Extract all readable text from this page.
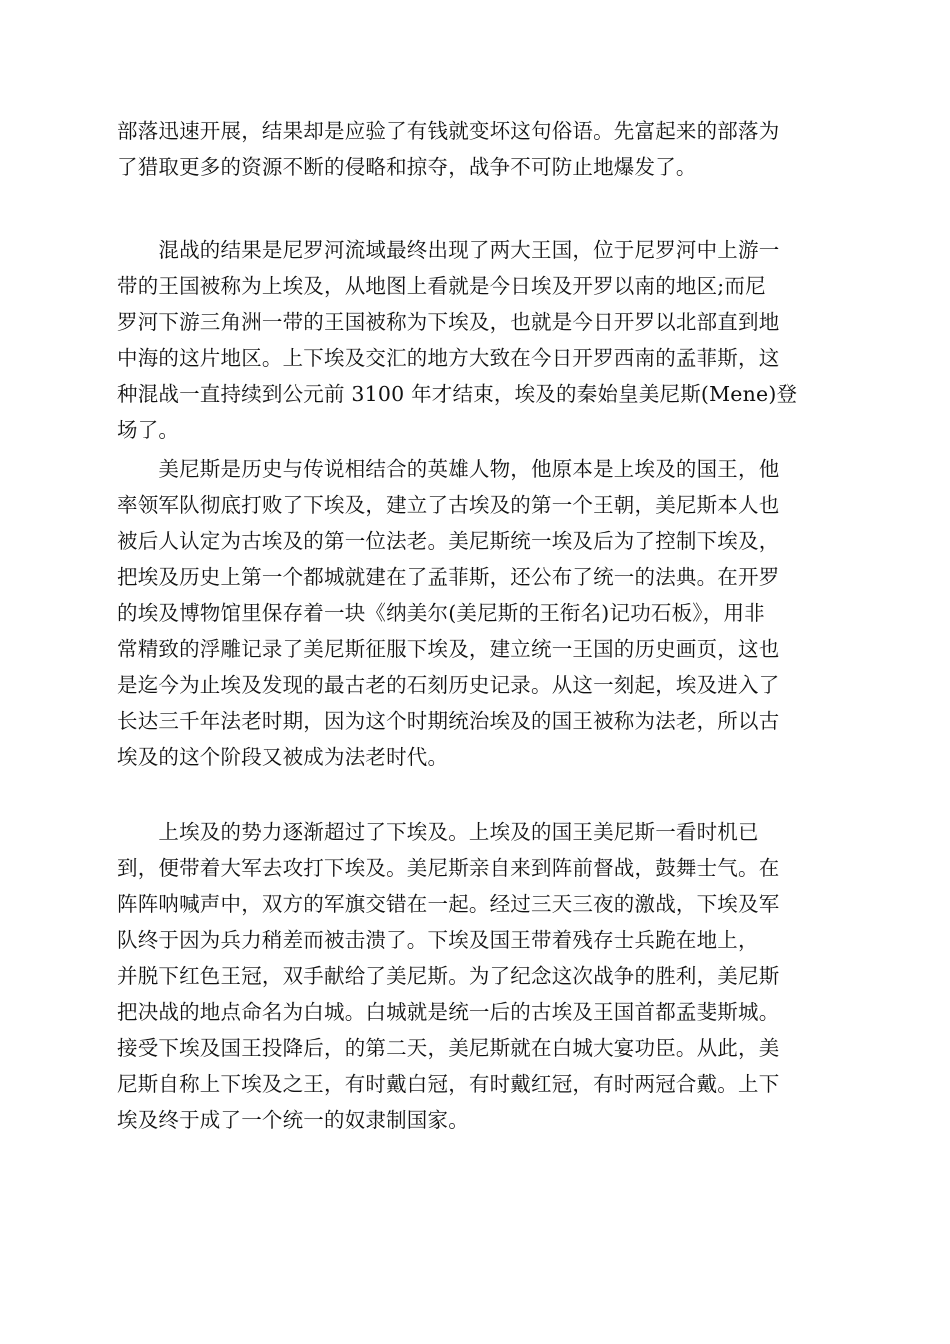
部落迅速开展，结果却是应验了有钱就变坏这句俗语。先富起来的部落为
了猎取更多的资源不断的侵略和掠夺，战争不可防止地爆发了。

　　混战的结果是尼罗河流域最终出现了两大王国，位于尼罗河中上游一
带的王国被称为上埃及，从地图上看就是今日埃及开罗以南的地区;而尼
罗河下游三角洲一带的王国被称为下埃及，也就是今日开罗以北部直到地
中海的这片地区。上下埃及交汇的地方大致在今日开罗西南的孟菲斯，这
种混战一直持续到公元前 3100 年才结束，埃及的秦始皇美尼斯(Mene)登
场了。

　　美尼斯是历史与传说相结合的英雄人物，他原本是上埃及的国王，他
率领军队彻底打败了下埃及，建立了古埃及的第一个王朝，美尼斯本人也
被后人认定为古埃及的第一位法老。美尼斯统一埃及后为了控制下埃及，
把埃及历史上第一个都城就建在了孟菲斯，还公布了统一的法典。在开罗
的埃及博物馆里保存着一块《纳美尔(美尼斯的王衔名)记功石板》，用非
常精致的浮雕记录了美尼斯征服下埃及，建立统一王国的历史画页，这也
是迄今为止埃及发现的最古老的石刻历史记录。从这一刻起，埃及进入了
长达三千年法老时期，因为这个时期统治埃及的国王被称为法老，所以古
埃及的这个阶段又被成为法老时代。

　　上埃及的势力逐渐超过了下埃及。上埃及的国王美尼斯一看时机已
到，便带着大军去攻打下埃及。美尼斯亲自来到阵前督战，鼓舞士气。在
阵阵呐喊声中，双方的军旗交错在一起。经过三天三夜的激战，下埃及军
队终于因为兵力稍差而被击溃了。下埃及国王带着残存士兵跪在地上，
并脱下红色王冠，双手献给了美尼斯。为了纪念这次战争的胜利，美尼斯
把决战的地点命名为白城。白城就是统一后的古埃及王国首都孟斐斯城。
接受下埃及国王投降后，的第二天，美尼斯就在白城大宴功臣。从此，美
尼斯自称上下埃及之王，有时戴白冠，有时戴红冠，有时两冠合戴。上下
埃及终于成了一个统一的奴隶制国家。
